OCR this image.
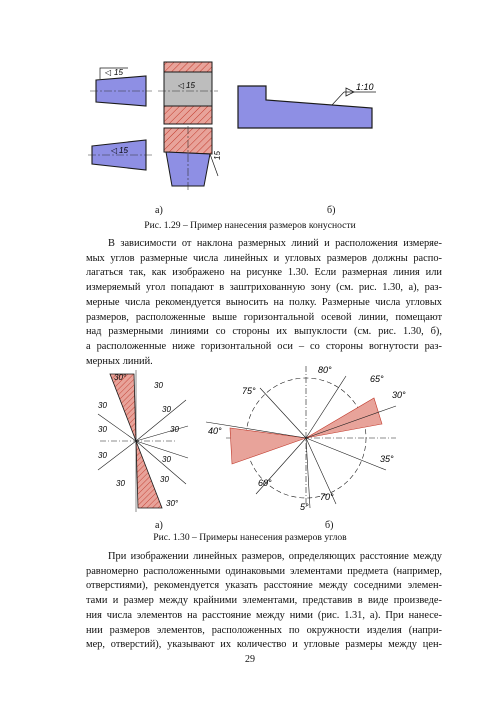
15
◁
15
◁
15
◁
15
1:10
а)	б)
Рис. 1.29 – Пример нанесения размеров конусности
В зависимости от наклона размерных линий и расположения измеряе-
мых углов размерные числа линейных и угловых размеров должны распо-
лагаться так, как изображено на рисунке 1.30. Если размерная линия или
измеряемый угол попадают в заштрихованную зону (см. рис. 1.30, а), раз-
мерные числа рекомендуется выносить на полку. Размерные числа угловых
размеров, расположенные выше горизонтальной осевой линии, помещают
над размерными линиями со стороны их выпуклости (см. рис. 1.30, б),
а расположенные ниже горизонтальной оси – со стороны вогнутости раз-
мерных линий.
30°
30
30
30
30
30
30	30
30
30
30°
80°
65°
75°	30°
40°
35°
60°
70°
5°
а)	б)
Рис. 1.30 – Примеры нанесения размеров углов
При изображении линейных размеров, определяющих расстояние между
равномерно расположенными одинаковыми элементами предмета (например,
отверстиями), рекомендуется указать расстояние между соседними элемен-
тами и размер между крайними элементами, представив в виде произведе-
ния числа элементов на расстояние между ними (рис. 1.31, а). При нанесе-
нии размеров элементов, расположенных по окружности изделия (напри-
мер, отверстий), указывают их количество и угловые размеры между цен-
29
